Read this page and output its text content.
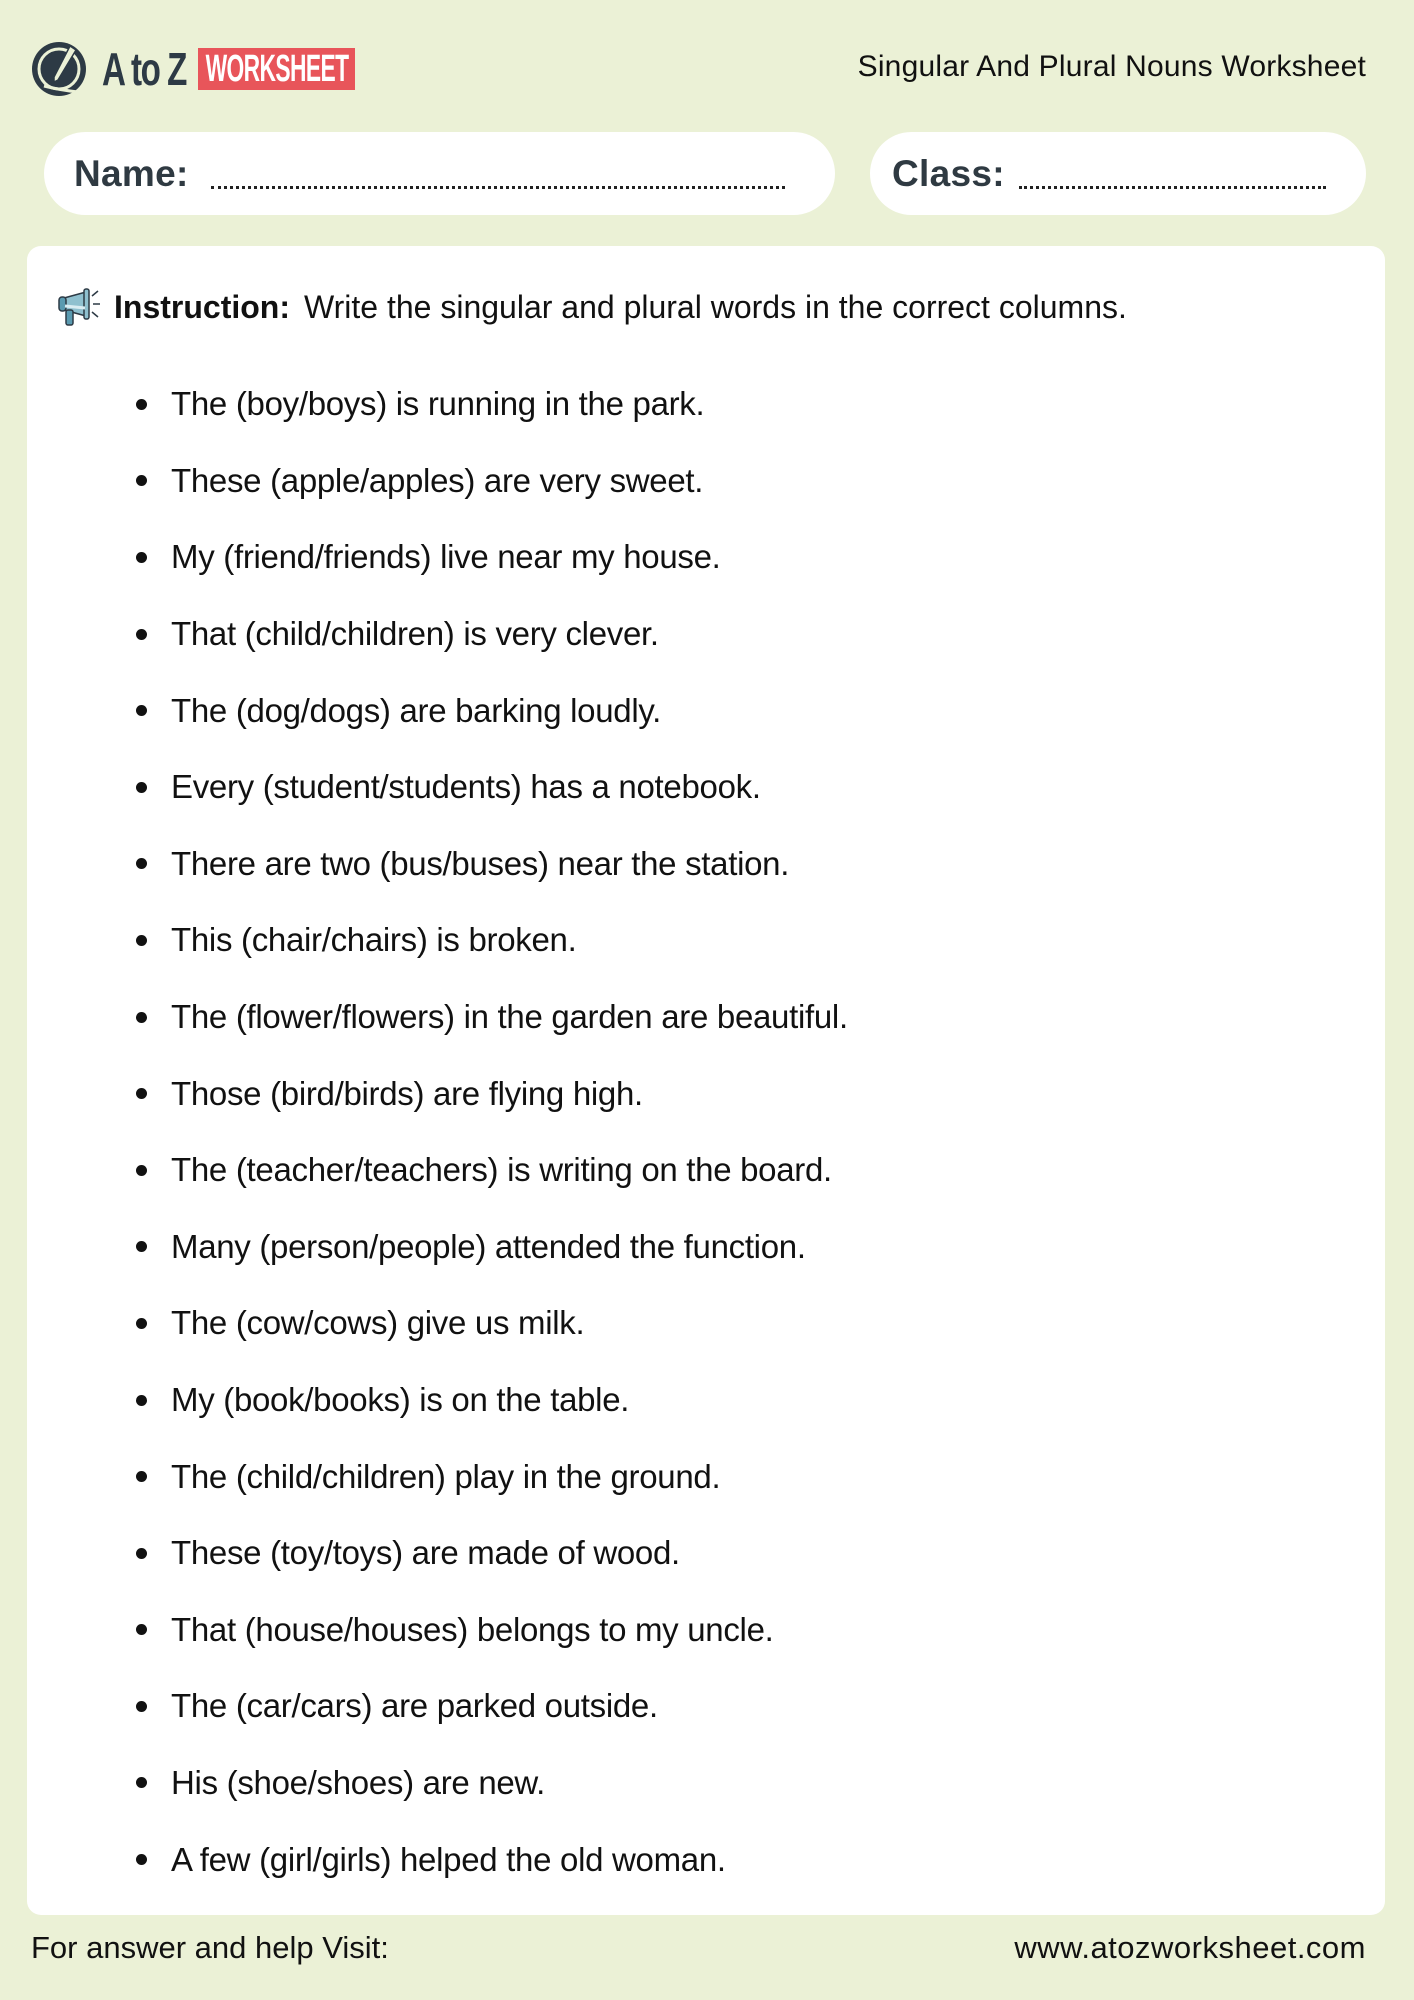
A to Z WORKSHEET	Singular And Plural Nouns Worksheet
Name:	Class:
Instruction: Write the singular and plural words in the correct columns.
The (boy/boys) is running in the park.
These (apple/apples) are very sweet.
My (friend/friends) live near my house.
That (child/children) is very clever.
The (dog/dogs) are barking loudly.
Every (student/students) has a notebook.
There are two (bus/buses) near the station.
This (chair/chairs) is broken.
The (flower/flowers) in the garden are beautiful.
Those (bird/birds) are flying high.
The (teacher/teachers) is writing on the board.
Many (person/people) attended the function.
The (cow/cows) give us milk.
My (book/books) is on the table.
The (child/children) play in the ground.
These (toy/toys) are made of wood.
That (house/houses) belongs to my uncle.
The (car/cars) are parked outside.
His (shoe/shoes) are new.
A few (girl/girls) helped the old woman.
For answer and help Visit:	www.atozworksheet.com
